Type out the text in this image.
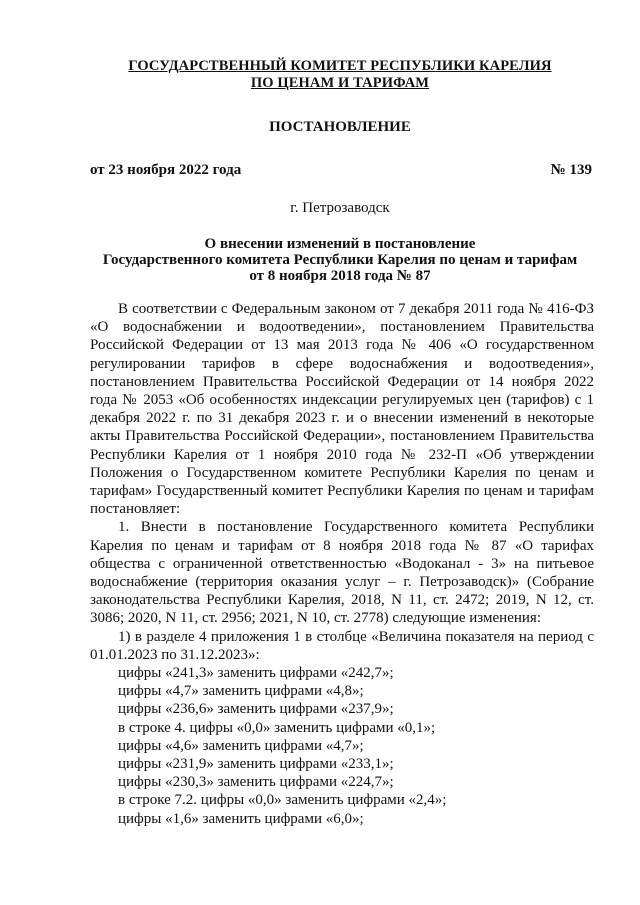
ГОСУДАРСТВЕННЫЙ КОМИТЕТ РЕСПУБЛИКИ КАРЕЛИЯ
ПО ЦЕНАМ И ТАРИФАМ
ПОСТАНОВЛЕНИЕ
от 23 ноября 2022 года	№ 139
г. Петрозаводск
О внесении изменений в постановление
Государственного комитета Республики Карелия по ценам и тарифам
от 8 ноября 2018 года № 87

В соответствии с Федеральным законом от 7 декабря 2011 года № 416-ФЗ «О водоснабжении и водоотведении», постановлением Правительства Российской Федерации от 13 мая 2013 года № 406 «О государственном регулировании тарифов в сфере водоснабжения и водоотведения», постановлением Правительства Российской Федерации от 14 ноября 2022 года № 2053 «Об особенностях индексации регулируемых цен (тарифов) с 1 декабря 2022 г. по 31 декабря 2023 г. и о внесении изменений в некоторые акты Правительства Российской Федерации», постановлением Правительства Республики Карелия от 1 ноября 2010 года № 232-П «Об утверждении Положения о Государственном комитете Республики Карелия по ценам и тарифам» Государственный комитет Республики Карелия по ценам и тарифам постановляет:

1. Внести в постановление Государственного комитета Республики Карелия по ценам и тарифам от 8 ноября 2018 года № 87 «О тарифах общества с ограниченной ответственностью «Водоканал - 3» на питьевое водоснабжение (территория оказания услуг – г. Петрозаводск)» (Собрание законодательства Республики Карелия, 2018, N 11, ст. 2472; 2019, N 12, ст. 3086; 2020, N 11, ст. 2956; 2021, N 10, ст. 2778) следующие изменения:

1) в разделе 4 приложения 1 в столбце «Величина показателя на период с 01.01.2023 по 31.12.2023»:

цифры «241,3» заменить цифрами «242,7»;

цифры «4,7» заменить цифрами «4,8»;

цифры «236,6» заменить цифрами «237,9»;

в строке 4. цифры «0,0» заменить цифрами «0,1»;

цифры «4,6» заменить цифрами «4,7»;

цифры «231,9» заменить цифрами «233,1»;

цифры «230,3» заменить цифрами «224,7»;

в строке 7.2. цифры «0,0» заменить цифрами «2,4»;

цифры «1,6» заменить цифрами «6,0»;
